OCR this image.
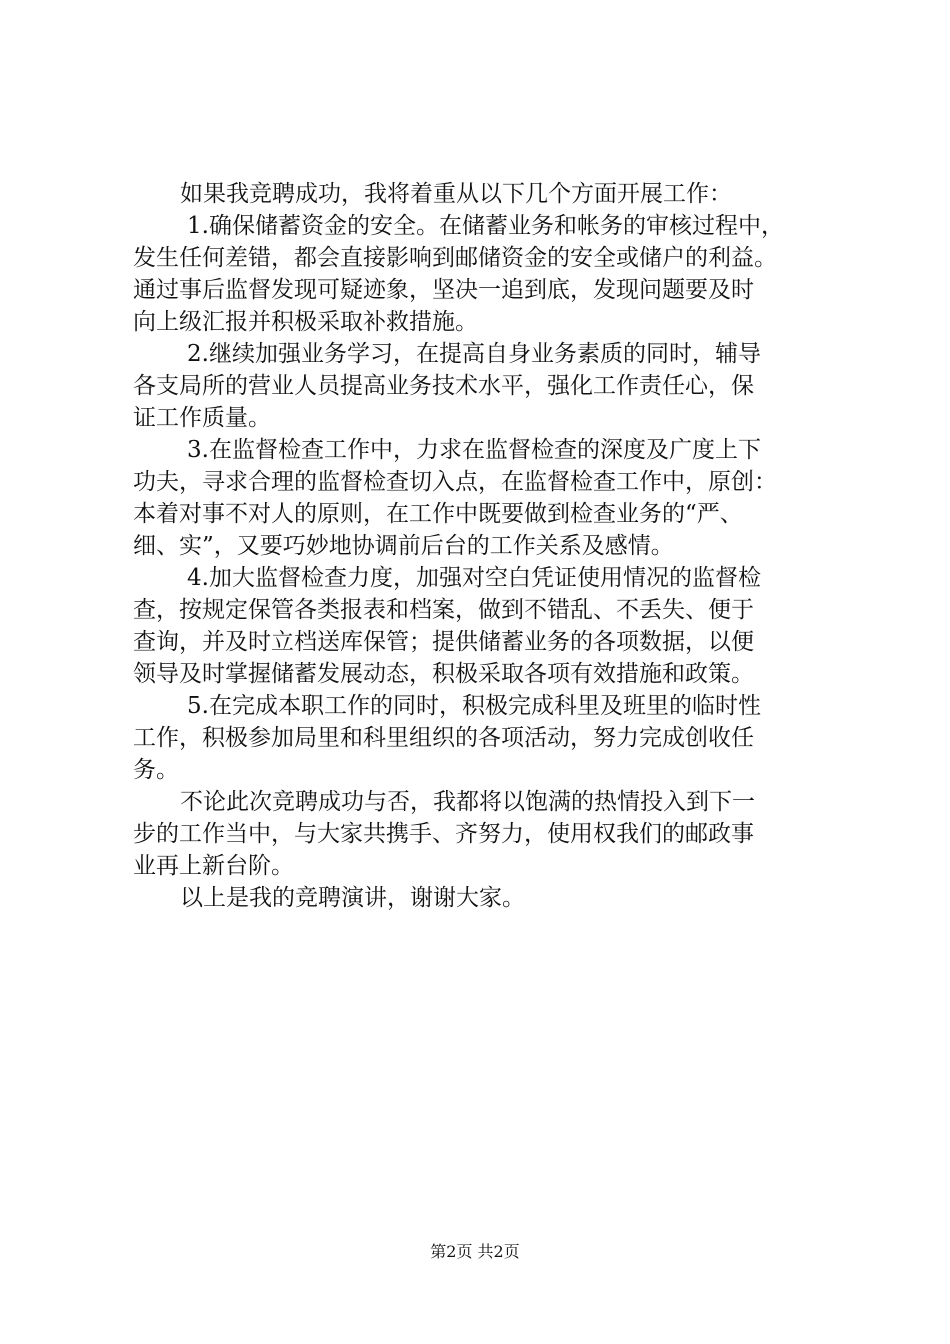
如果我竞聘成功，我将着重从以下几个方面开展工作：
1.确保储蓄资金的安全。在储蓄业务和帐务的审核过程中，
发生任何差错，都会直接影响到邮储资金的安全或储户的利益。
通过事后监督发现可疑迹象，坚决一追到底，发现问题要及时
向上级汇报并积极采取补救措施。
2.继续加强业务学习，在提高自身业务素质的同时，辅导
各支局所的营业人员提高业务技术水平，强化工作责任心，保
证工作质量。
3.在监督检查工作中，力求在监督检查的深度及广度上下
功夫，寻求合理的监督检查切入点，在监督检查工作中，原创：
本着对事不对人的原则，在工作中既要做到检查业务的“严、
细、实”，又要巧妙地协调前后台的工作关系及感情。
4.加大监督检查力度，加强对空白凭证使用情况的监督检
查，按规定保管各类报表和档案，做到不错乱、不丢失、便于
查询，并及时立档送库保管；提供储蓄业务的各项数据，以便
领导及时掌握储蓄发展动态，积极采取各项有效措施和政策。
5.在完成本职工作的同时，积极完成科里及班里的临时性
工作，积极参加局里和科里组织的各项活动，努力完成创收任
务。
不论此次竞聘成功与否，我都将以饱满的热情投入到下一
步的工作当中，与大家共携手、齐努力，使用权我们的邮政事
业再上新台阶。
以上是我的竞聘演讲，谢谢大家。
第2页 共2页
